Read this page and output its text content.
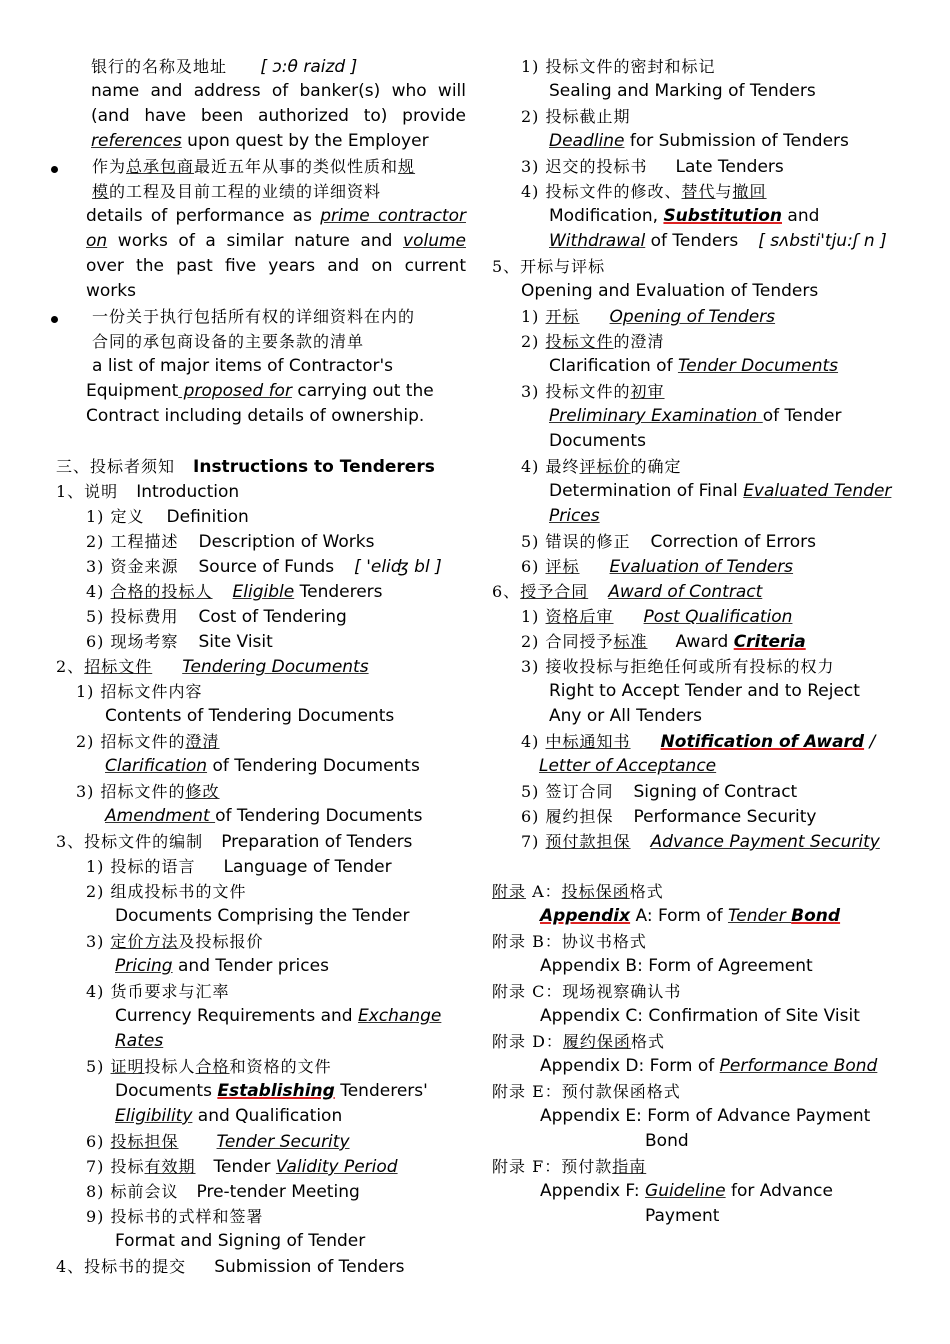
银行的名称及地址 [ ɔ:θ raizd ]
name and address of banker(s) who will
(and have been authorized to) provide
references upon quest by the Employer
作为总承包商最近五年从事的类似性质和规
模的工程及目前工程的业绩的详细资料
details of performance as prime contractor
on works of a similar nature and volume
over the past five years and on current
works
一份关于执行包括所有权的详细资料在内的
合同的承包商设备的主要条款的清单
a list of major items of Contractor's
Equipment proposed for carrying out the
Contract including details of ownership.
三、投标者须知 Instructions to Tenderers
1、说明 Introduction
1) 定义 Definition
2) 工程描述 Description of Works
3) 资金来源 Source of Funds [ 'eliʤ bl ]
4) 合格的投标人 Eligible Tenderers
5) 投标费用 Cost of Tendering
6) 现场考察 Site Visit
2、招标文件 Tendering Documents
1) 招标文件内容
Contents of Tendering Documents
2) 招标文件的澄清
Clarification of Tendering Documents
3) 招标文件的修改
Amendment of Tendering Documents
3、投标文件的编制 Preparation of Tenders
1) 投标的语言 Language of Tender
2) 组成投标书的文件
Documents Comprising the Tender
3) 定价方法及投标报价
Pricing and Tender prices
4) 货币要求与汇率
Currency Requirements and Exchange
Rates
5) 证明投标人合格和资格的文件
Documents Establishing Tenderers'
Eligibility and Qualification
6) 投标担保 Tender Security
7) 投标有效期 Tender Validity Period
8) 标前会议 Pre-tender Meeting
9) 投标书的式样和签署
Format and Signing of Tender
4、投标书的提交 Submission of Tenders
1) 投标文件的密封和标记
Sealing and Marking of Tenders
2) 投标截止期
Deadline for Submission of Tenders
3) 迟交的投标书 Late Tenders
4) 投标文件的修改、替代与撤回
Modification, Substitution and
Withdrawal of Tenders [ sʌbsti'tju:ʃ n ]
5、开标与评标
Opening and Evaluation of Tenders
1) 开标 Opening of Tenders
2) 投标文件的澄清
Clarification of Tender Documents
3) 投标文件的初审
Preliminary Examination of Tender
Documents
4) 最终评标价的确定
Determination of Final Evaluated Tender
Prices
5) 错误的修正 Correction of Errors
6) 评标 Evaluation of Tenders
6、授予合同 Award of Contract
1) 资格后审 Post Qualification
2) 合同授予标准 Award Criteria
3) 接收投标与拒绝任何或所有投标的权力
Right to Accept Tender and to Reject
Any or All Tenders
4) 中标通知书 Notification of Award /
Letter of Acceptance
5) 签订合同 Signing of Contract
6) 履约担保 Performance Security
7) 预付款担保 Advance Payment Security
附录 A：投标保函格式
Appendix A: Form of Tender Bond
附录 B：协议书格式
Appendix B: Form of Agreement
附录 C：现场视察确认书
Appendix C: Confirmation of Site Visit
附录 D：履约保函格式
Appendix D: Form of Performance Bond
附录 E：预付款保函格式
Appendix E: Form of Advance Payment
Bond
附录 F：预付款指南
Appendix F: Guideline for Advance
Payment
